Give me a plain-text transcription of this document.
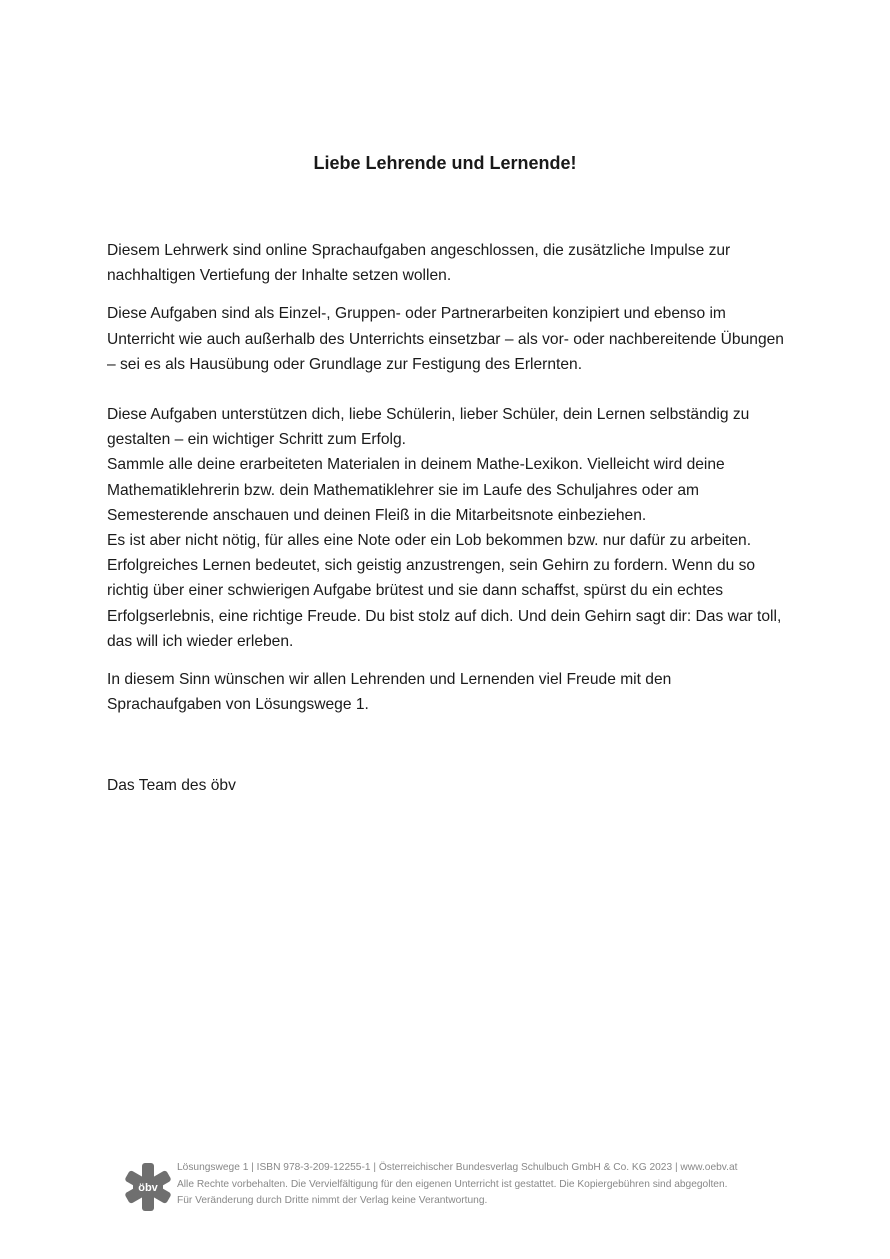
Liebe Lehrende und Lernende!

Diesem Lehrwerk sind online Sprachaufgaben angeschlossen, die zusätzliche Impulse zur nachhaltigen Vertiefung der Inhalte setzen wollen.

Diese Aufgaben sind als Einzel-, Gruppen- oder Partnerarbeiten konzipiert und ebenso im Unterricht wie auch außerhalb des Unterrichts einsetzbar – als vor- oder nachbereitende Übungen – sei es als Hausübung oder Grundlage zur Festigung des Erlernten.

Diese Aufgaben unterstützen dich, liebe Schülerin, lieber Schüler, dein Lernen selbständig zu gestalten – ein wichtiger Schritt zum Erfolg.

Sammle alle deine erarbeiteten Materialen in deinem Mathe-Lexikon. Vielleicht wird deine Mathematiklehrerin bzw. dein Mathematiklehrer sie im Laufe des Schuljahres oder am Semesterende anschauen und deinen Fleiß in die Mitarbeitsnote einbeziehen.

Es ist aber nicht nötig, für alles eine Note oder ein Lob bekommen bzw. nur dafür zu arbeiten. Erfolgreiches Lernen bedeutet, sich geistig anzustrengen, sein Gehirn zu fordern. Wenn du so richtig über einer schwierigen Aufgabe brütest und sie dann schaffst, spürst du ein echtes Erfolgserlebnis, eine richtige Freude. Du bist stolz auf dich. Und dein Gehirn sagt dir: Das war toll, das will ich wieder erleben.

In diesem Sinn wünschen wir allen Lehrenden und Lernenden viel Freude mit den Sprachaufgaben von Lösungswege 1.

Das Team des öbv

öbv
Lösungswege 1 | ISBN 978-3-209-12255-1 | Österreichischer Bundesverlag Schulbuch GmbH & Co. KG 2023 | www.oebv.at
Alle Rechte vorbehalten. Die Vervielfältigung für den eigenen Unterricht ist gestattet. Die Kopiergebühren sind abgegolten.
Für Veränderung durch Dritte nimmt der Verlag keine Verantwortung.
